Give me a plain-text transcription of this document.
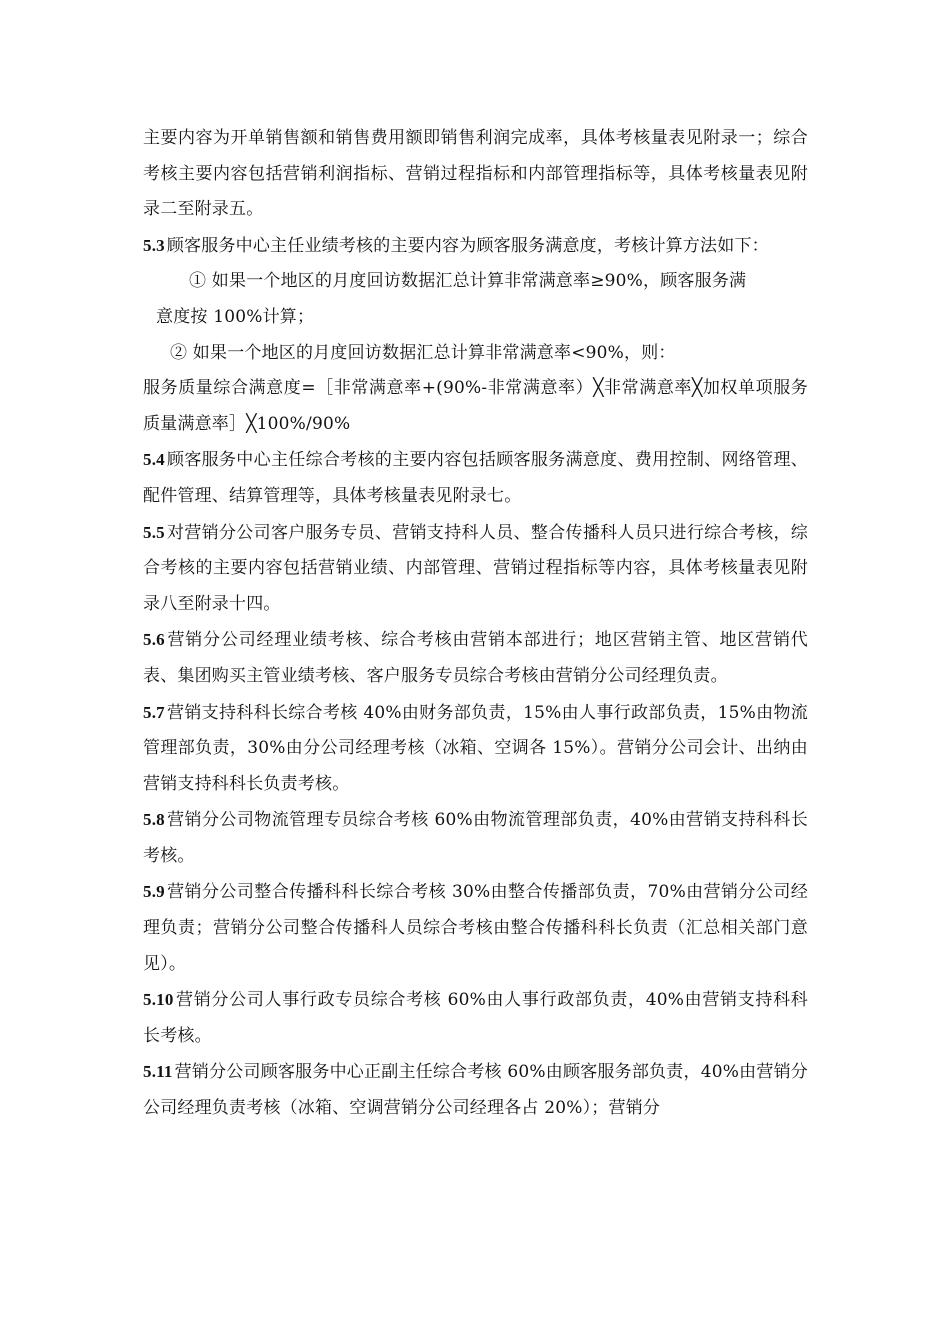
主要内容为开单销售额和销售费用额即销售利润完成率，具体考核量表见附录一；综合考核主要内容包括营销利润指标、营销过程指标和内部管理指标等，具体考核量表见附录二至附录五。

5.3 顾客服务中心主任业绩考核的主要内容为顾客服务满意度，考核计算方法如下：

① 如果一个地区的月度回访数据汇总计算非常满意率≥90%，顾客服务满
意度按 100%计算；

② 如果一个地区的月度回访数据汇总计算非常满意率<90%，则：

服务质量综合满意度=［非常满意率+(90%-非常满意率）╳非常满意率╳加权单项服务质量满意率］╳100%/90%

5.4 顾客服务中心主任综合考核的主要内容包括顾客服务满意度、费用控制、网络管理、配件管理、结算管理等，具体考核量表见附录七。

5.5 对营销分公司客户服务专员、营销支持科人员、整合传播科人员只进行综合考核，综合考核的主要内容包括营销业绩、内部管理、营销过程指标等内容，具体考核量表见附录八至附录十四。

5.6 营销分公司经理业绩考核、综合考核由营销本部进行；地区营销主管、地区营销代表、集团购买主管业绩考核、客户服务专员综合考核由营销分公司经理负责。

5.7 营销支持科科长综合考核 40%由财务部负责，15%由人事行政部负责，15%由物流管理部负责，30%由分公司经理考核（冰箱、空调各 15%）。营销分公司会计、出纳由营销支持科科长负责考核。

5.8 营销分公司物流管理专员综合考核 60%由物流管理部负责，40%由营销支持科科长考核。

5.9 营销分公司整合传播科科长综合考核 30%由整合传播部负责，70%由营销分公司经理负责；营销分公司整合传播科人员综合考核由整合传播科科长负责（汇总相关部门意见）。

5.10 营销分公司人事行政专员综合考核 60%由人事行政部负责，40%由营销支持科科长考核。

5.11 营销分公司顾客服务中心正副主任综合考核 60%由顾客服务部负责，40%由营销分公司经理负责考核（冰箱、空调营销分公司经理各占 20%）；营销分
